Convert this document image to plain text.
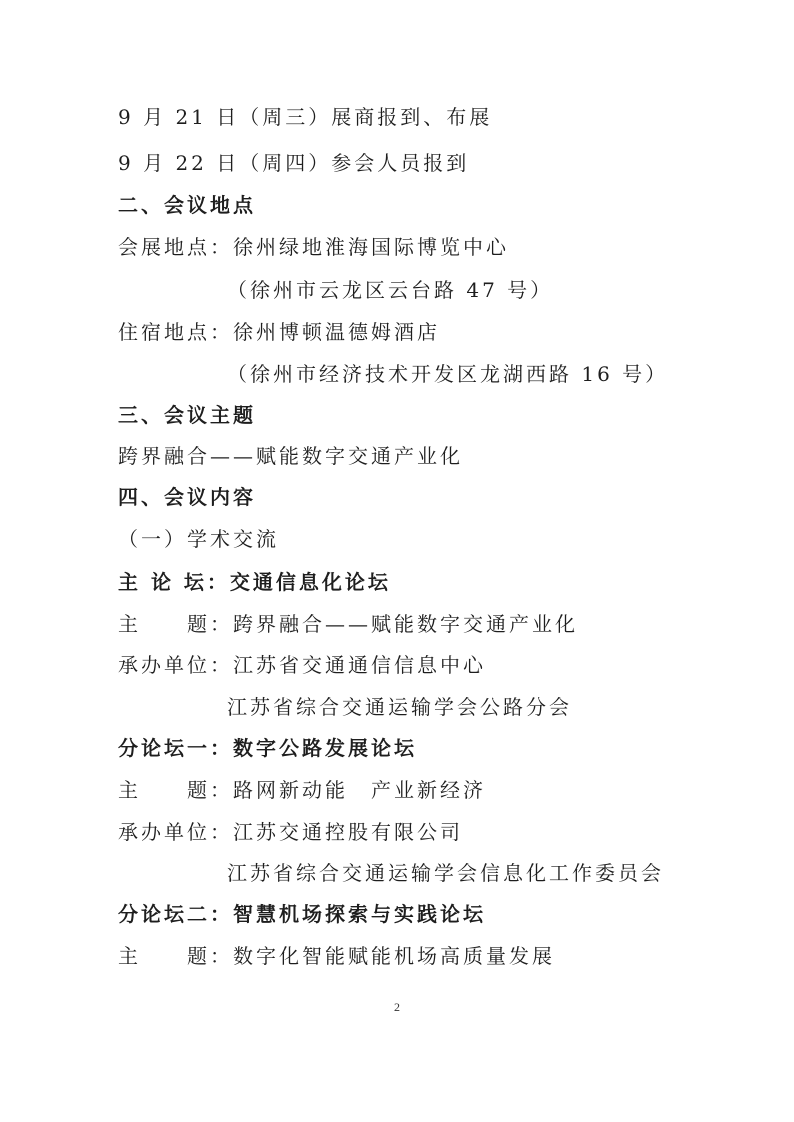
9 月 21 日（周三）展商报到、布展
9 月 22 日（周四）参会人员报到
二、会议地点
会展地点：徐州绿地淮海国际博览中心
（徐州市云龙区云台路 47 号）
住宿地点：徐州博顿温德姆酒店
（徐州市经济技术开发区龙湖西路 16 号）
三、会议主题
跨界融合——赋能数字交通产业化
四、会议内容
（一）学术交流
主 论 坛：交通信息化论坛
主　　题：跨界融合——赋能数字交通产业化
承办单位：江苏省交通通信信息中心
江苏省综合交通运输学会公路分会
分论坛一：数字公路发展论坛
主　　题：路网新动能　产业新经济
承办单位：江苏交通控股有限公司
江苏省综合交通运输学会信息化工作委员会
分论坛二：智慧机场探索与实践论坛
主　　题：数字化智能赋能机场高质量发展
2
